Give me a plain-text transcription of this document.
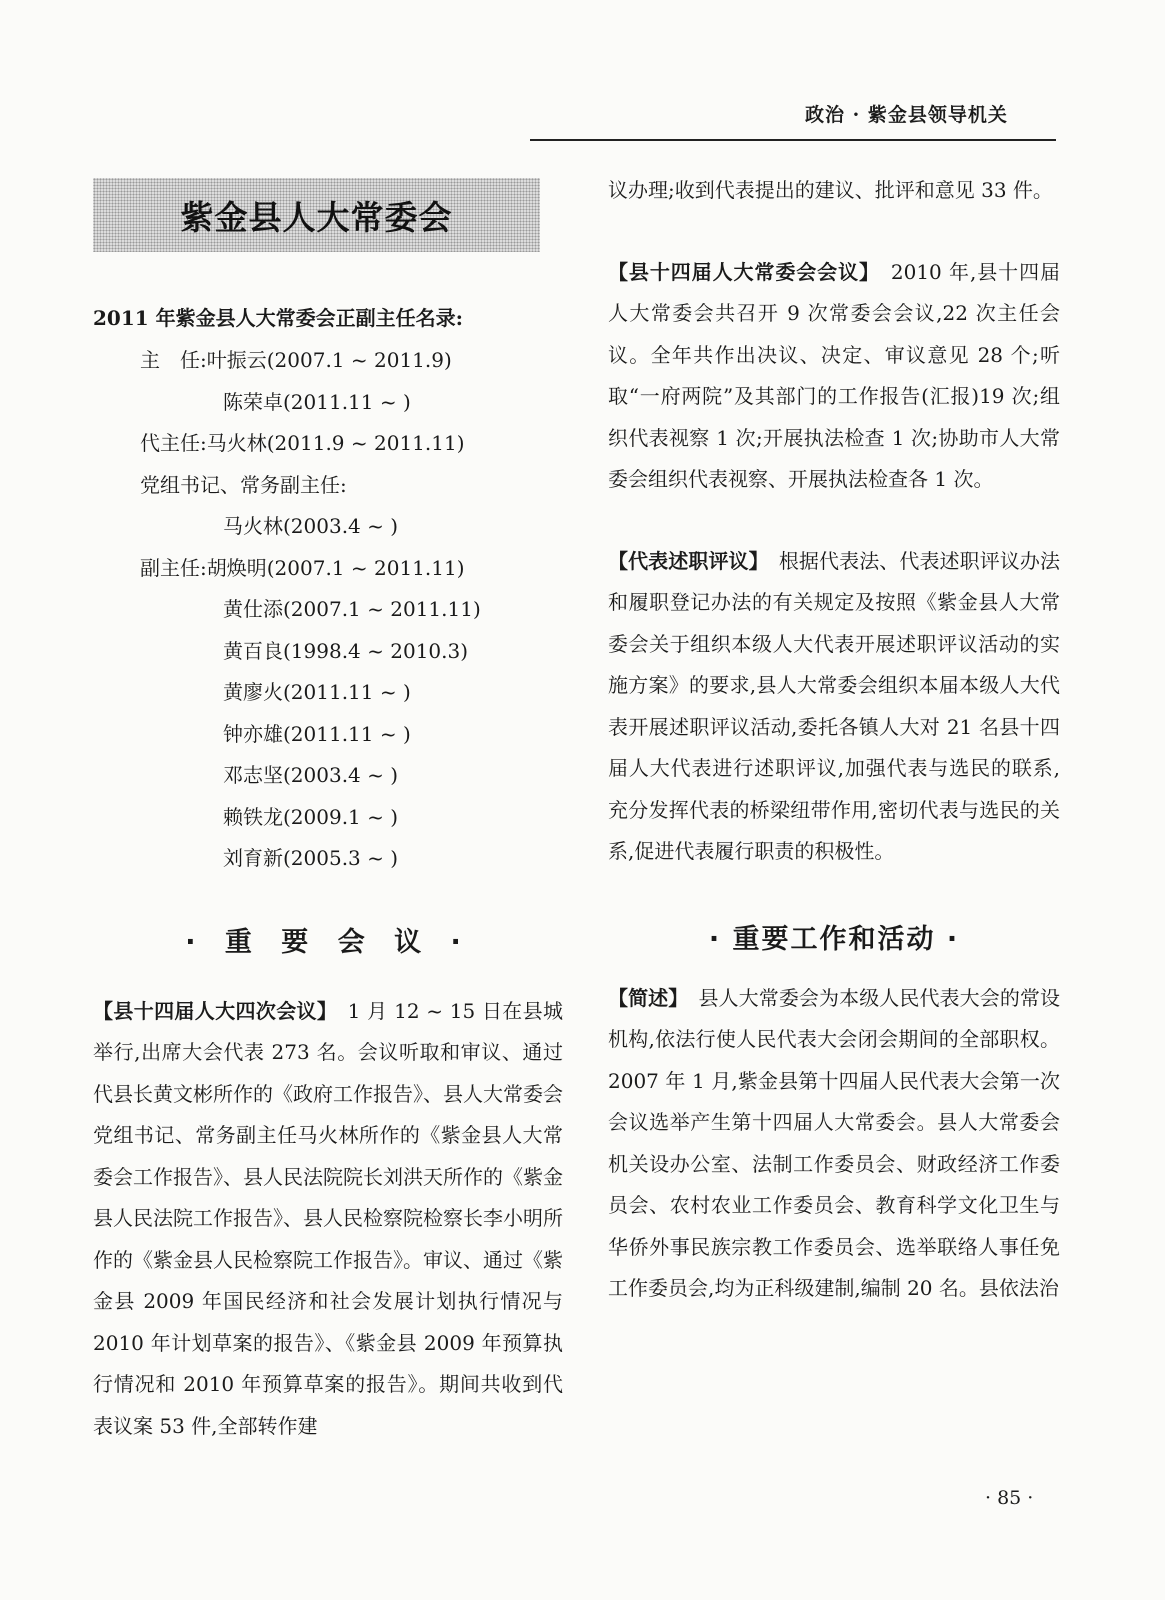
政治 · 紫金县领导机关
紫金县人大常委会
2011 年紫金县人大常委会正副主任名录:
主　任:叶振云(2007.1 ~ 2011.9)
陈荣卓(2011.11 ~ )
代主任:马火林(2011.9 ~ 2011.11)
党组书记、常务副主任:
马火林(2003.4 ~ )
副主任:胡焕明(2007.1 ~ 2011.11)
黄仕添(2007.1 ~ 2011.11)
黄百良(1998.4 ~ 2010.3)
黄廖火(2011.11 ~ )
钟亦雄(2011.11 ~ )
邓志坚(2003.4 ~ )
赖铁龙(2009.1 ~ )
刘育新(2005.3 ~ )
· 重 要 会 议 ·
【县十四届人大四次会议】　1 月 12 ~ 15 日在县城举行,出席大会代表 273 名。会议听取和审议、通过代县长黄文彬所作的《政府工作报告》、县人大常委会党组书记、常务副主任马火林所作的《紫金县人大常委会工作报告》、县人民法院院长刘洪天所作的《紫金县人民法院工作报告》、县人民检察院检察长李小明所作的《紫金县人民检察院工作报告》。审议、通过《紫金县 2009 年国民经济和社会发展计划执行情况与 2010 年计划草案的报告》、《紫金县 2009 年预算执行情况和 2010 年预算草案的报告》。期间共收到代表议案 53 件,全部转作建
议办理;收到代表提出的建议、批评和意见 33 件。
【县十四届人大常委会会议】　2010 年,县十四届人大常委会共召开 9 次常委会会议,22 次主任会议。全年共作出决议、决定、审议意见 28 个;听取“一府两院”及其部门的工作报告(汇报)19 次;组织代表视察 1 次;开展执法检查 1 次;协助市人大常委会组织代表视察、开展执法检查各 1 次。
【代表述职评议】　根据代表法、代表述职评议办法和履职登记办法的有关规定及按照《紫金县人大常委会关于组织本级人大代表开展述职评议活动的实施方案》的要求,县人大常委会组织本届本级人大代表开展述职评议活动,委托各镇人大对 21 名县十四届人大代表进行述职评议,加强代表与选民的联系,充分发挥代表的桥梁纽带作用,密切代表与选民的关系,促进代表履行职责的积极性。
· 重要工作和活动 ·
【简述】　县人大常委会为本级人民代表大会的常设机构,依法行使人民代表大会闭会期间的全部职权。2007 年 1 月,紫金县第十四届人民代表大会第一次会议选举产生第十四届人大常委会。县人大常委会机关设办公室、法制工作委员会、财政经济工作委员会、农村农业工作委员会、教育科学文化卫生与华侨外事民族宗教工作委员会、选举联络人事任免工作委员会,均为正科级建制,编制 20 名。县依法治
· 85 ·
